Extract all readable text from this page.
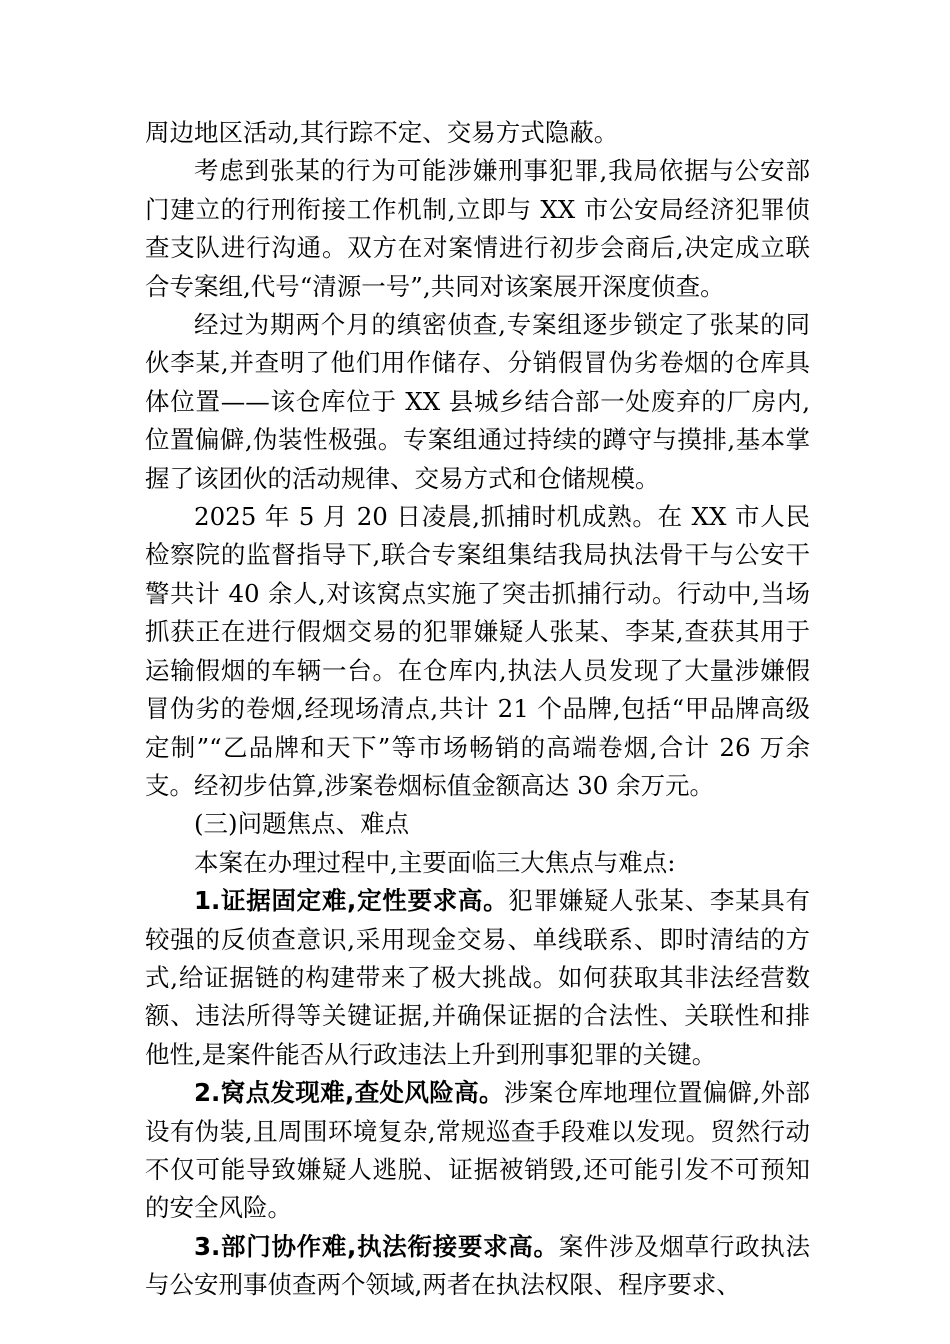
周边地区活动,其行踪不定、交易方式隐蔽。

考虑到张某的行为可能涉嫌刑事犯罪,我局依据与公安部门建立的行刑衔接工作机制,立即与 XX 市公安局经济犯罪侦查支队进行沟通。双方在对案情进行初步会商后,决定成立联合专案组,代号“清源一号”,共同对该案展开深度侦查。

经过为期两个月的缜密侦查,专案组逐步锁定了张某的同伙李某,并查明了他们用作储存、分销假冒伪劣卷烟的仓库具体位置——该仓库位于 XX 县城乡结合部一处废弃的厂房内,位置偏僻,伪装性极强。专案组通过持续的蹲守与摸排,基本掌握了该团伙的活动规律、交易方式和仓储规模。

2025 年 5 月 20 日凌晨,抓捕时机成熟。在 XX 市人民检察院的监督指导下,联合专案组集结我局执法骨干与公安干警共计 40 余人,对该窝点实施了突击抓捕行动。行动中,当场抓获正在进行假烟交易的犯罪嫌疑人张某、李某,查获其用于运输假烟的车辆一台。在仓库内,执法人员发现了大量涉嫌假冒伪劣的卷烟,经现场清点,共计 21 个品牌,包括“甲品牌高级定制”“乙品牌和天下”等市场畅销的高端卷烟,合计 26 万余支。经初步估算,涉案卷烟标值金额高达 30 余万元。

(三)问题焦点、难点

本案在办理过程中,主要面临三大焦点与难点:

1.证据固定难,定性要求高。犯罪嫌疑人张某、李某具有较强的反侦查意识,采用现金交易、单线联系、即时清结的方式,给证据链的构建带来了极大挑战。如何获取其非法经营数额、违法所得等关键证据,并确保证据的合法性、关联性和排他性,是案件能否从行政违法上升到刑事犯罪的关键。

2.窝点发现难,查处风险高。涉案仓库地理位置偏僻,外部设有伪装,且周围环境复杂,常规巡查手段难以发现。贸然行动不仅可能导致嫌疑人逃脱、证据被销毁,还可能引发不可预知的安全风险。

3.部门协作难,执法衔接要求高。案件涉及烟草行政执法与公安刑事侦查两个领域,两者在执法权限、程序要求、
